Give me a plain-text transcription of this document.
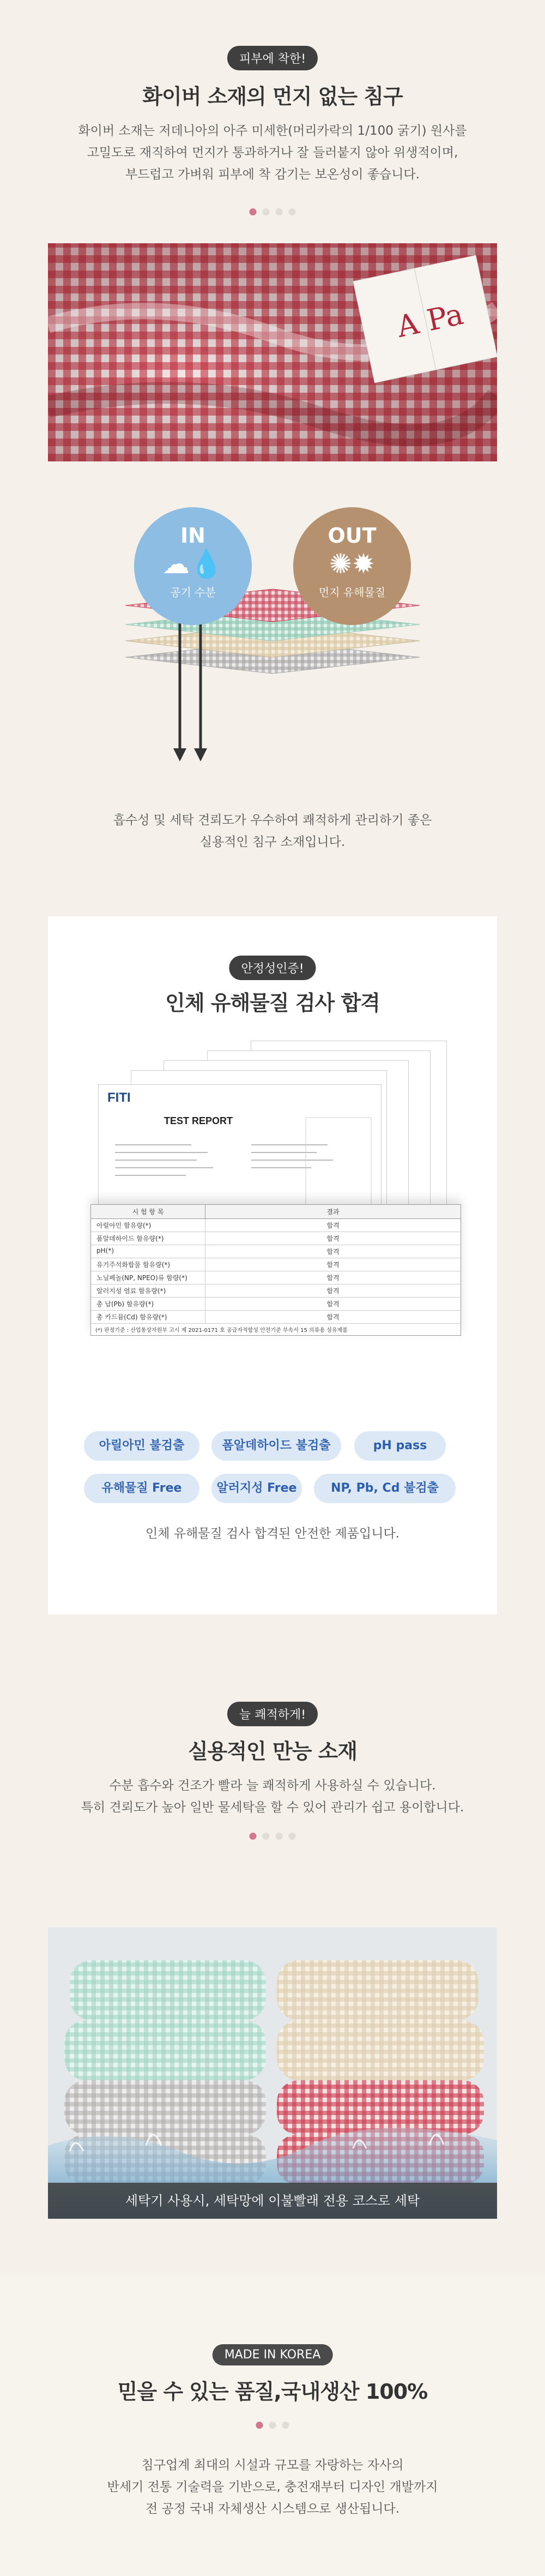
피부에 착한!
화이버 소재의 먼지 없는 침구
화이버 소재는 저데니아의 아주 미세한(머리카락의 1/100 굵기) 원사를
고밀도로 재직하여 먼지가 통과하거나 잘 들러붙지 않아 위생적이며,
부드럽고 가벼워 피부에 착 감기는 보온성이 좋습니다.
A Pa
IN
☁💧
공기 수분
OUT
✺✹
먼지 유해물질
흡수성 및 세탁 견뢰도가 우수하여 쾌적하게 관리하기 좋은
실용적인 침구 소재입니다.
안정성인증!
인체 유해물질 검사 합격
FITI
TEST REPORT
시 험 항 목	결과
아릴아민 함유량(*)	합격
폼알데하이드 함유량(*)	합격
pH(*)	합격
유기주석화합물 함유량(*)	합격
노닐페놀(NP, NPEO)류 함량(*)	합격
알러지성 염료 함유량(*)	합격
총 납(Pb) 함유량(*)	합격
총 카드뮴(Cd) 함유량(*)	합격
(*) 판정기준 : 산업통상자원부 고시 제 2021-0171 호 공급자적합성 안전기준 부속서 15 의류용 섬유제품
아릴아민 불검출	폼알데하이드 불검출	pH pass
유해물질 Free	알러지성 Free	NP, Pb, Cd 불검출
인체 유해물질 검사 합격된 안전한 제품입니다.
늘 쾌적하게!
실용적인 만능 소재
수분 흡수와 건조가 빨라 늘 쾌적하게 사용하실 수 있습니다.
특히 견뢰도가 높아 일반 물세탁을 할 수 있어 관리가 쉽고 용이합니다.
세탁기 사용시, 세탁망에 이불빨래 전용 코스로 세탁
MADE IN KOREA
믿을 수 있는 품질,국내생산 100%
침구업계 최대의 시설과 규모를 자랑하는 자사의
반세기 전통 기술력을 기반으로, 충전재부터 디자인 개발까지
전 공정 국내 자체생산 시스템으로 생산됩니다.
